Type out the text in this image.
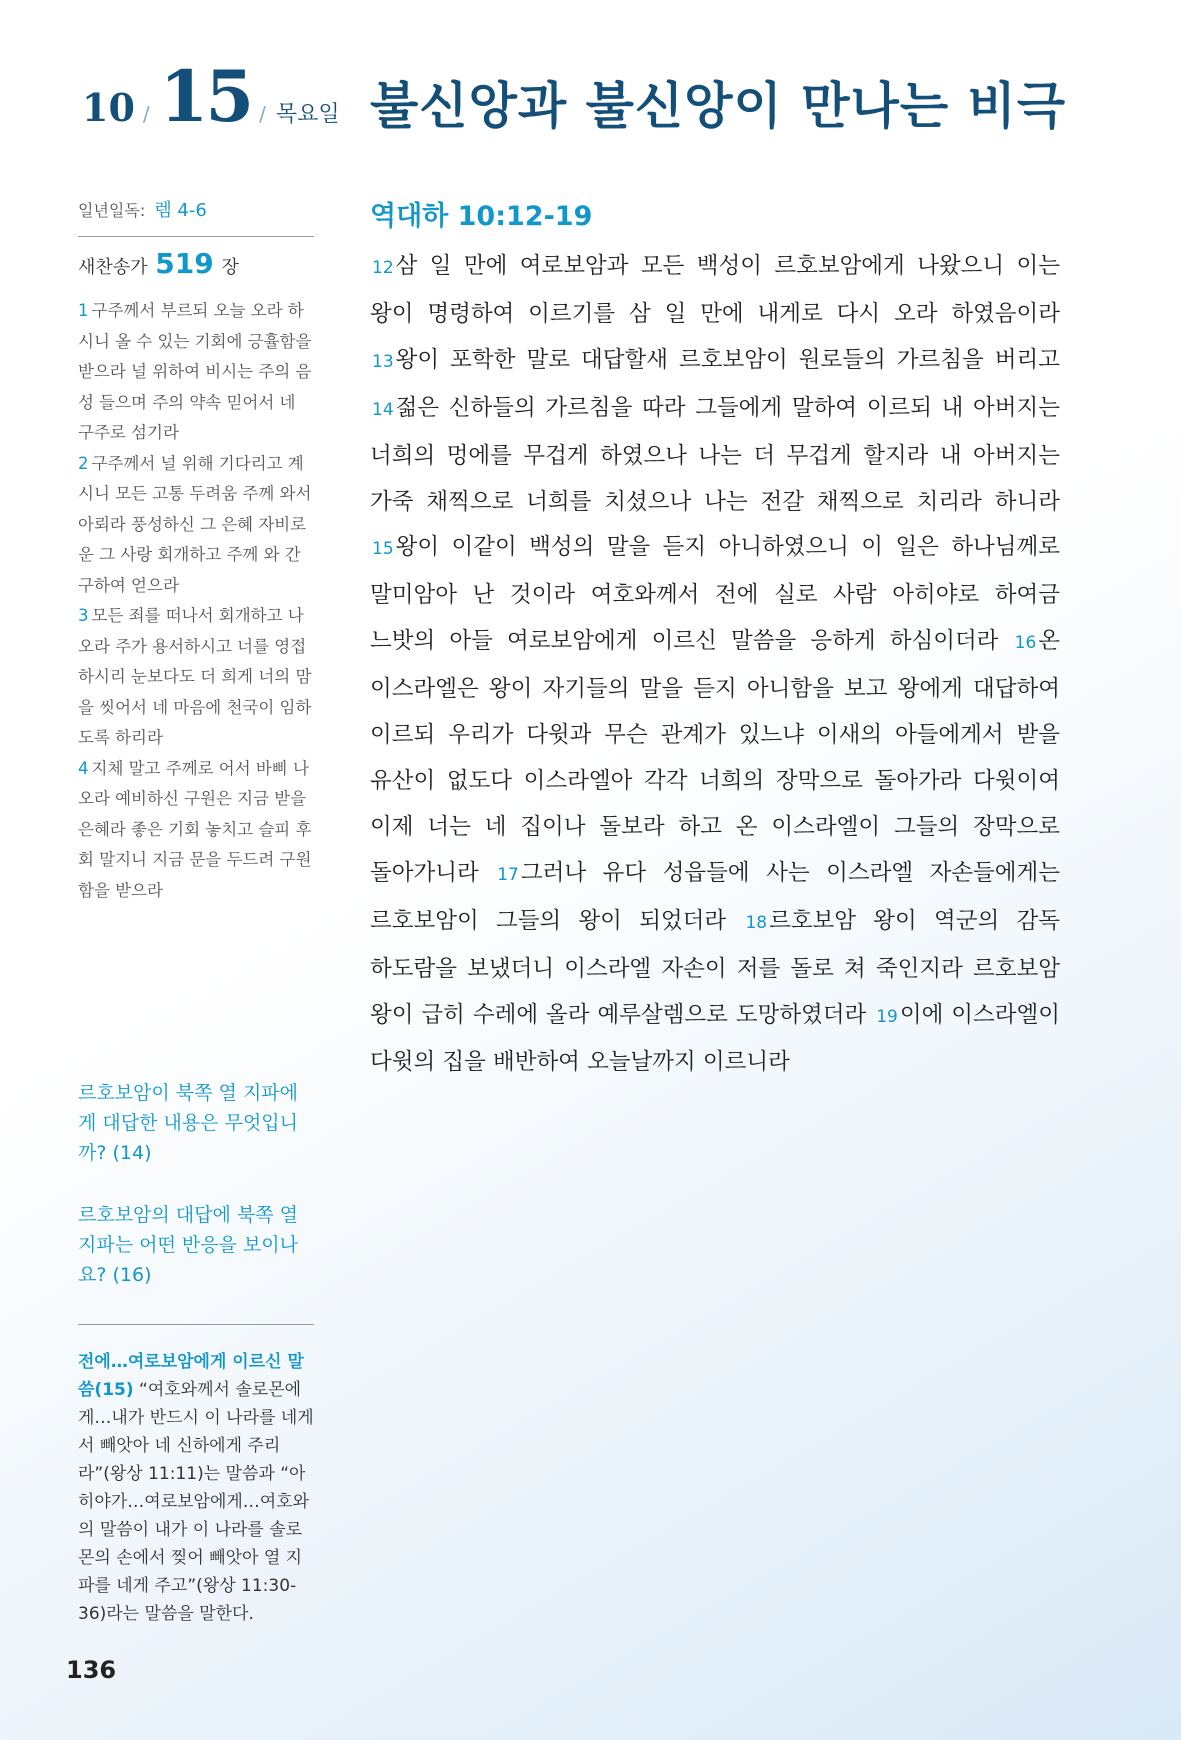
10 / 15 / 목요일 불신앙과 불신앙이 만나는 비극
일년일독: 렘 4-6
새찬송가 519 장
1 구주께서 부르되 오늘 오라 하시니 올 수 있는 기회에 긍휼함을 받으라 널 위하여 비시는 주의 음성 들으며 주의 약속 믿어서 네 구주로 섬기라
2 구주께서 널 위해 기다리고 계시니 모든 고통 두려움 주께 와서 아뢰라 풍성하신 그 은혜 자비로운 그 사랑 회개하고 주께 와 간구하여 얻으라
3 모든 죄를 떠나서 회개하고 나오라 주가 용서하시고 너를 영접하시리 눈보다도 더 희게 너의 맘을 씻어서 네 마음에 천국이 임하도록 하리라
4 지체 말고 주께로 어서 바삐 나오라 예비하신 구원은 지금 받을 은혜라 좋은 기회 놓치고 슬피 후회 말지니 지금 문을 두드려 구원함을 받으라

르호보암이 북쪽 열 지파에게 대답한 내용은 무엇입니까? (14)

르호보암의 대답에 북쪽 열 지파는 어떤 반응을 보이나요? (16)

전에…여로보암에게 이르신 말씀(15) “여호와께서 솔로몬에게…내가 반드시 이 나라를 네게서 빼앗아 네 신하에게 주리라”(왕상 11:11)는 말씀과 “아히야가…여로보암에게…여호와의 말씀이 내가 이 나라를 솔로몬의 손에서 찢어 빼앗아 열 지파를 네게 주고”(왕상 11:30-36)라는 말씀을 말한다.

역대하 10:12-19

12삼 일 만에 여로보암과 모든 백성이 르호보암에게 나왔으니 이는 왕이 명령하여 이르기를 삼 일 만에 내게로 다시 오라 하였음이라 13왕이 포학한 말로 대답할새 르호보암이 원로들의 가르침을 버리고 14젊은 신하들의 가르침을 따라 그들에게 말하여 이르되 내 아버지는 너희의 멍에를 무겁게 하였으나 나는 더 무겁게 할지라 내 아버지는 가죽 채찍으로 너희를 치셨으나 나는 전갈 채찍으로 치리라 하니라 15왕이 이같이 백성의 말을 듣지 아니하였으니 이 일은 하나님께로 말미암아 난 것이라 여호와께서 전에 실로 사람 아히야로 하여금 느밧의 아들 여로보암에게 이르신 말씀을 응하게 하심이더라 16온 이스라엘은 왕이 자기들의 말을 듣지 아니함을 보고 왕에게 대답하여 이르되 우리가 다윗과 무슨 관계가 있느냐 이새의 아들에게서 받을 유산이 없도다 이스라엘아 각각 너희의 장막으로 돌아가라 다윗이여 이제 너는 네 집이나 돌보라 하고 온 이스라엘이 그들의 장막으로 돌아가니라 17그러나 유다 성읍들에 사는 이스라엘 자손들에게는 르호보암이 그들의 왕이 되었더라 18르호보암 왕이 역군의 감독 하도람을 보냈더니 이스라엘 자손이 저를 돌로 쳐 죽인지라 르호보암 왕이 급히 수레에 올라 예루살렘으로 도망하였더라 19이에 이스라엘이 다윗의 집을 배반하여 오늘날까지 이르니라

136
